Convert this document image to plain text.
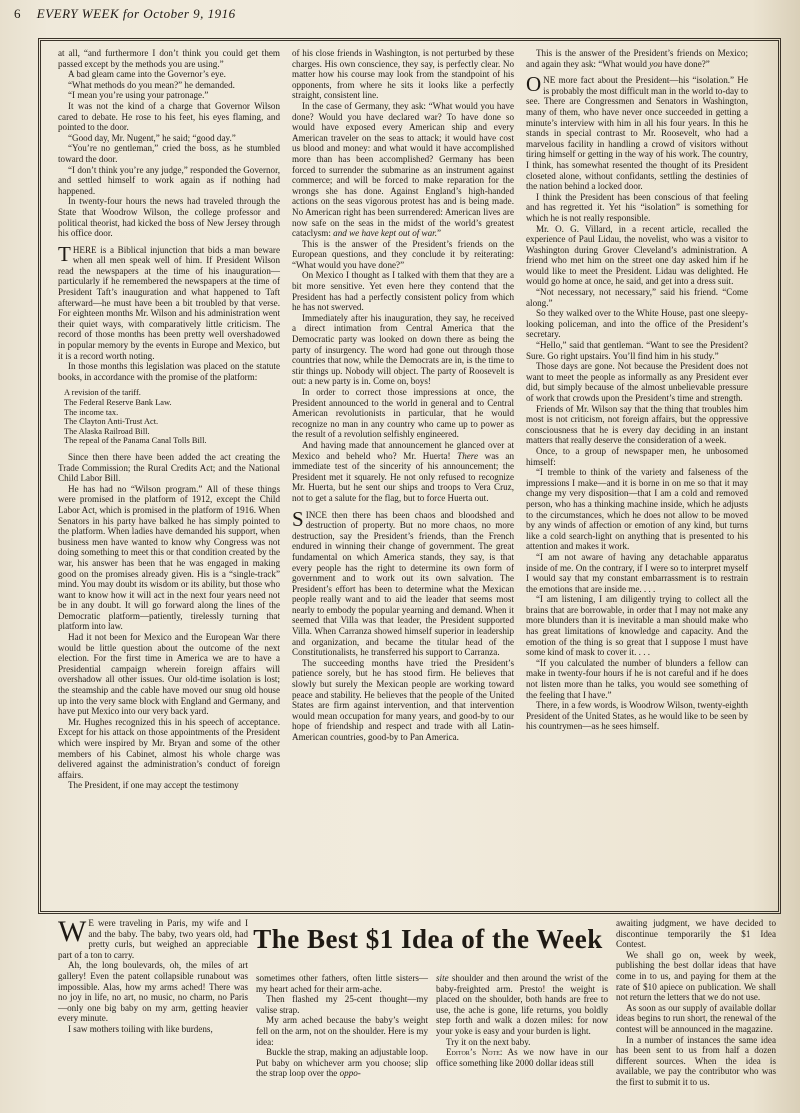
6 EVERY WEEK for October 9, 1916

at all, “and furthermore I don’t think you could get them passed except by the methods you are using.”

A bad gleam came into the Governor’s eye.

“What methods do you mean?” he demanded.

“I mean you’re using your patronage.”

It was not the kind of a charge that Governor Wilson cared to debate. He rose to his feet, his eyes flaming, and pointed to the door.

“Good day, Mr. Nugent,” he said; “good day.”

“You’re no gentleman,” cried the boss, as he stumbled toward the door.

“I don’t think you’re any judge,” responded the Governor, and settled himself to work again as if nothing had happened.

In twenty-four hours the news had traveled through the State that Woodrow Wilson, the college professor and political theorist, had kicked the boss of New Jersey through his office door.

THERE is a Biblical injunction that bids a man beware when all men speak well of him. If President Wilson read the newspapers at the time of his inauguration—particularly if he remembered the newspapers at the time of President Taft’s inauguration and what happened to Taft afterward—he must have been a bit troubled by that verse. For eighteen months Mr. Wilson and his administration went their quiet ways, with comparatively little criticism. The record of those months has been pretty well overshadowed in popular memory by the events in Europe and Mexico, but it is a record worth noting.

In those months this legislation was placed on the statute books, in accordance with the promise of the platform:

A revision of the tariff.
The Federal Reserve Bank Law.
The income tax.
The Clayton Anti-Trust Act.
The Alaska Railroad Bill.
The repeal of the Panama Canal Tolls Bill.

Since then there have been added the act creating the Trade Commission; the Rural Credits Act; and the National Child Labor Bill.

He has had no “Wilson program.” All of these things were promised in the platform of 1912, except the Child Labor Act, which is promised in the platform of 1916. When Senators in his party have balked he has simply pointed to the platform. When ladies have demanded his support, when business men have wanted to know why Congress was not doing something to meet this or that condition created by the war, his answer has been that he was engaged in making good on the promises already given. His is a “single-track” mind. You may doubt its wisdom or its ability, but those who want to know how it will act in the next four years need not be in any doubt. It will go forward along the lines of the Democratic platform—patiently, tirelessly turning that platform into law.

Had it not been for Mexico and the European War there would be little question about the outcome of the next election. For the first time in America we are to have a Presidential campaign wherein foreign affairs will overshadow all other issues. Our old-time isolation is lost; the steamship and the cable have moved our snug old house up into the very same block with England and Germany, and have put Mexico into our very back yard.

Mr. Hughes recognized this in his speech of acceptance. Except for his attack on those appointments of the President which were inspired by Mr. Bryan and some of the other members of his Cabinet, almost his whole charge was delivered against the administration’s conduct of foreign affairs.

The President, if one may accept the testimony

of his close friends in Washington, is not perturbed by these charges. His own conscience, they say, is perfectly clear. No matter how his course may look from the standpoint of his opponents, from where he sits it looks like a perfectly straight, consistent line.

In the case of Germany, they ask: “What would you have done? Would you have declared war? To have done so would have exposed every American ship and every American traveler on the seas to attack; it would have cost us blood and money: and what would it have accomplished more than has been accomplished? Germany has been forced to surrender the submarine as an instrument against commerce; and will be forced to make reparation for the wrongs she has done. Against England’s high-handed actions on the seas vigorous protest has and is being made. No American right has been surrendered: American lives are now safe on the seas in the midst of the world’s greatest cataclysm: and we have kept out of war.”

This is the answer of the President’s friends on the European questions, and they conclude it by reiterating: “What would you have done?”

On Mexico I thought as I talked with them that they are a bit more sensitive. Yet even here they contend that the President has had a perfectly consistent policy from which he has not swerved.

Immediately after his inauguration, they say, he received a direct intimation from Central America that the Democratic party was looked on down there as being the party of insurgency. The word had gone out through those countries that now, while the Democrats are in, is the time to stir things up. Nobody will object. The party of Roosevelt is out: a new party is in. Come on, boys!

In order to correct those impressions at once, the President announced to the world in general and to Central American revolutionists in particular, that he would recognize no man in any country who came up to power as the result of a revolution selfishly engineered.

And having made that announcement he glanced over at Mexico and beheld who? Mr. Huerta! There was an immediate test of the sincerity of his announcement; the President met it squarely. He not only refused to recognize Mr. Huerta, but he sent our ships and troops to Vera Cruz, not to get a salute for the flag, but to force Huerta out.

SINCE then there has been chaos and bloodshed and destruction of property. But no more chaos, no more destruction, say the President’s friends, than the French endured in winning their change of government. The great fundamental on which America stands, they say, is that every people has the right to determine its own form of government and to work out its own salvation. The President’s effort has been to determine what the Mexican people really want and to aid the leader that seems most nearly to embody the popular yearning and demand. When it seemed that Villa was that leader, the President supported Villa. When Carranza showed himself superior in leadership and organization, and became the titular head of the Constitutionalists, he transferred his support to Carranza.

The succeeding months have tried the President’s patience sorely, but he has stood firm. He believes that slowly but surely the Mexican people are working toward peace and stability. He believes that the people of the United States are firm against intervention, and that intervention would mean occupation for many years, and good-by to our hope of friendship and respect and trade with all Latin-American countries, good-by to Pan America.

This is the answer of the President’s friends on Mexico; and again they ask: “What would you have done?”

ONE more fact about the President—his “isolation.” He is probably the most difficult man in the world to-day to see. There are Congressmen and Senators in Washington, many of them, who have never once succeeded in getting a minute’s interview with him in all his four years. In this he stands in special contrast to Mr. Roosevelt, who had a marvelous facility in handling a crowd of visitors without tiring himself or getting in the way of his work. The country, I think, has somewhat resented the thought of its President closeted alone, without confidants, settling the destinies of the nation behind a locked door.

I think the President has been conscious of that feeling and has regretted it. Yet his “isolation” is something for which he is not really responsible.

Mr. O. G. Villard, in a recent article, recalled the experience of Paul Lidau, the novelist, who was a visitor to Washington during Grover Cleveland’s administration. A friend who met him on the street one day asked him if he would like to meet the President. Lidau was delighted. He would go home at once, he said, and get into a dress suit.

“Not necessary, not necessary,” said his friend. “Come along.”

So they walked over to the White House, past one sleepy-looking policeman, and into the office of the President’s secretary.

“Hello,” said that gentleman. “Want to see the President? Sure. Go right upstairs. You’ll find him in his study.”

Those days are gone. Not because the President does not want to meet the people as informally as any President ever did, but simply because of the almost unbelievable pressure of work that crowds upon the President’s time and strength.

Friends of Mr. Wilson say that the thing that troubles him most is not criticism, not foreign affairs, but the oppressive consciousness that he is every day deciding in an instant matters that really deserve the consideration of a week.

Once, to a group of newspaper men, he unbosomed himself:

“I tremble to think of the variety and falseness of the impressions I make—and it is borne in on me so that it may change my very disposition—that I am a cold and removed person, who has a thinking machine inside, which he adjusts to the circumstances, which he does not allow to be moved by any winds of affection or emotion of any kind, but turns like a cold search-light on anything that is presented to his attention and makes it work.

“I am not aware of having any detachable apparatus inside of me. On the contrary, if I were so to interpret myself I would say that my constant embarrassment is to restrain the emotions that are inside me. . . .

“I am listening, I am diligently trying to collect all the brains that are borrowable, in order that I may not make any more blunders than it is inevitable a man should make who has great limitations of knowledge and capacity. And the emotion of the thing is so great that I suppose I must have some kind of mask to cover it. . . .

“If you calculated the number of blunders a fellow can make in twenty-four hours if he is not careful and if he does not listen more than he talks, you would see something of the feeling that I have.”

There, in a few words, is Woodrow Wilson, twenty-eighth President of the United States, as he would like to be seen by his countrymen—as he sees himself.

The Best $1 Idea of the Week

W E were traveling in Paris, my wife and I and the baby. The baby, two years old, had pretty curls, but weighed an appreciable part of a ton to carry.

Ah, the long boulevards, oh, the miles of art gallery! Even the patent collapsible runabout was impossible. Alas, how my arms ached! There was no joy in life, no art, no music, no charm, no Paris—only one big baby on my arm, getting heavier every minute.

I saw mothers toiling with like burdens,

sometimes other fathers, often little sisters—my heart ached for their arm-ache.

Then flashed my 25-cent thought—my valise strap.

My arm ached because the baby’s weight fell on the arm, not on the shoulder. Here is my idea:

Buckle the strap, making an adjustable loop. Put baby on whichever arm you choose; slip the strap loop over the oppo-

site shoulder and then around the wrist of the baby-freighted arm. Presto! the weight is placed on the shoulder, both hands are free to use, the ache is gone, life returns, you boldly step forth and walk a dozen miles: for now your yoke is easy and your burden is light.

Try it on the next baby.

Editor’s Note: As we now have in our office something like 2000 dollar ideas still

awaiting judgment, we have decided to discontinue temporarily the $1 Idea Contest.

We shall go on, week by week, publishing the best dollar ideas that have come in to us, and paying for them at the rate of $10 apiece on publication. We shall not return the letters that we do not use.

As soon as our supply of available dollar ideas begins to run short, the renewal of the contest will be announced in the magazine.

In a number of instances the same idea has been sent to us from half a dozen different sources. When the idea is available, we pay the contributor who was the first to submit it to us.
